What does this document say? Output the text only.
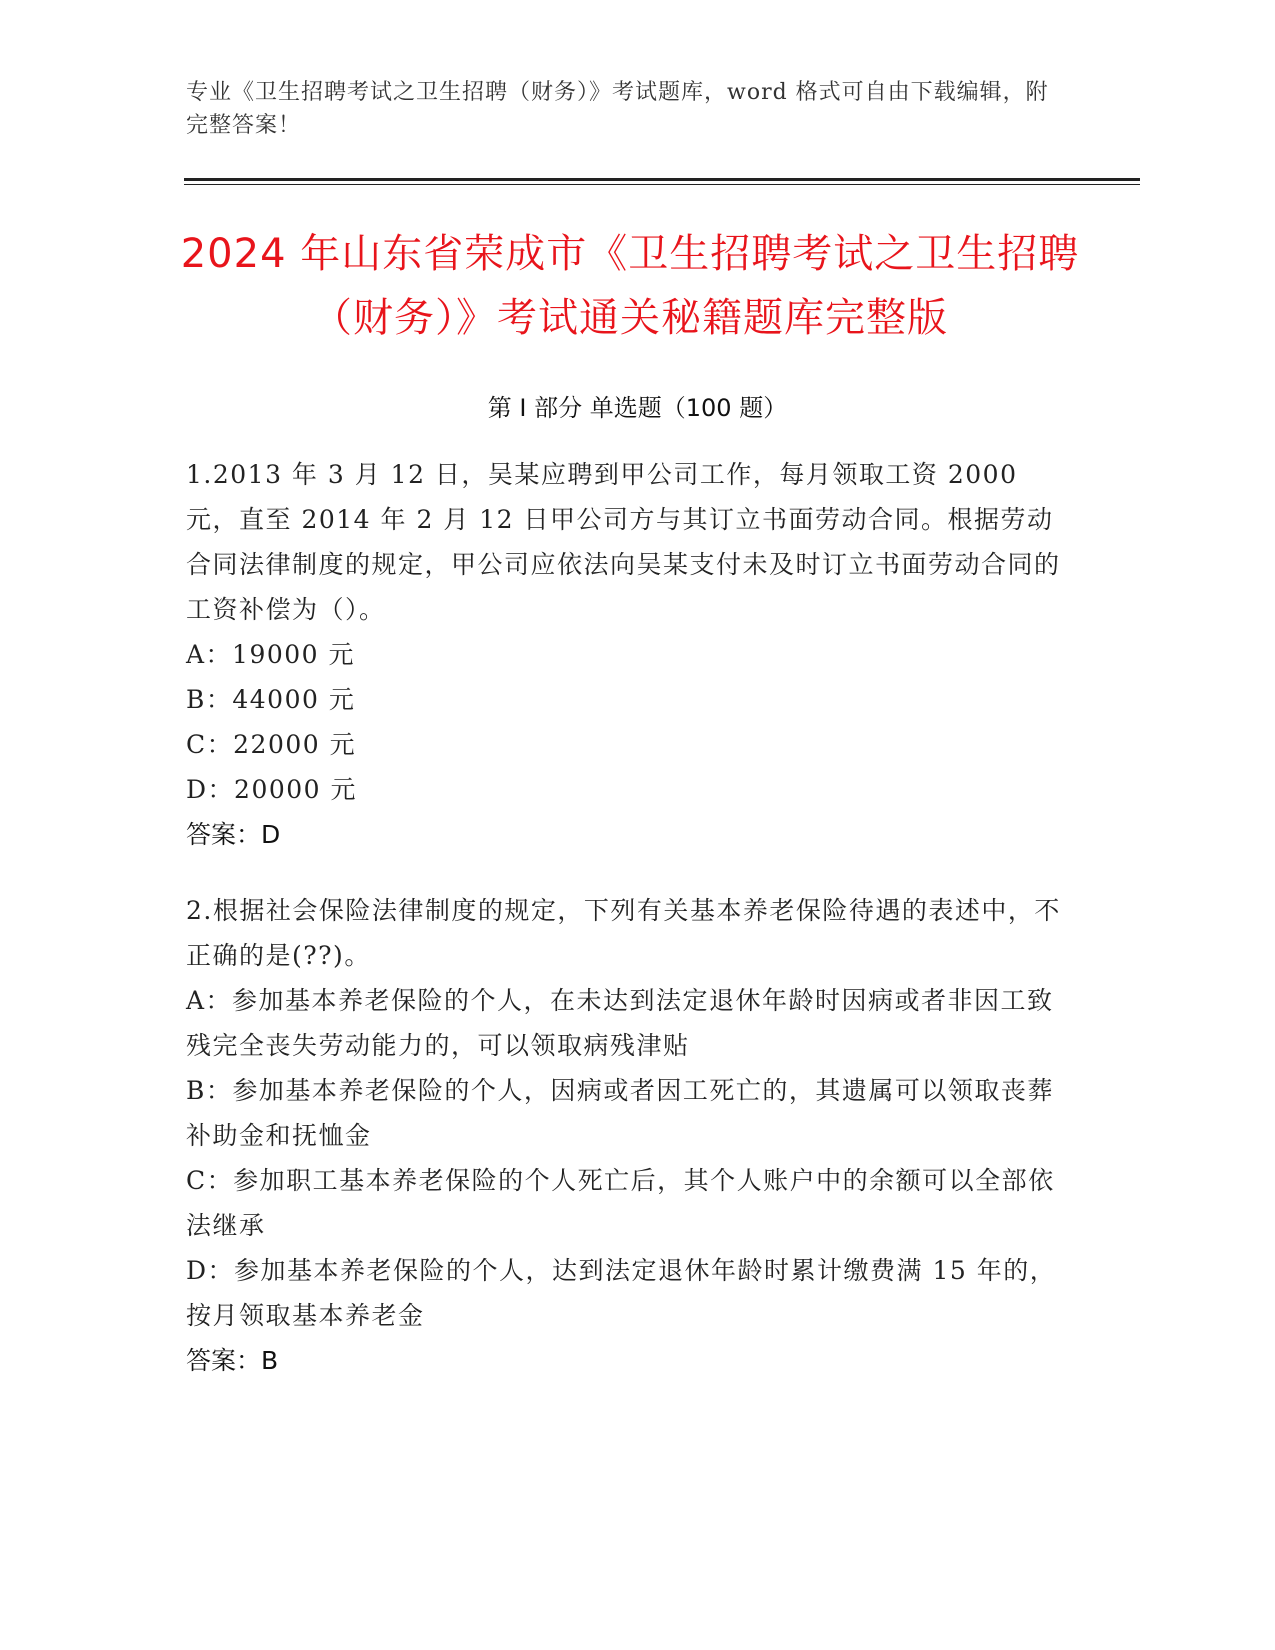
专业《卫生招聘考试之卫生招聘（财务）》考试题库，word 格式可自由下载编辑，附完整答案！
2024 年山东省荣成市《卫生招聘考试之卫生招聘（财务）》考试通关秘籍题库完整版
第 I 部分 单选题（100 题）

1.2013 年 3 月 12 日，吴某应聘到甲公司工作，每月领取工资 2000 元，直至 2014 年 2 月 12 日甲公司方与其订立书面劳动合同。根据劳动合同法律制度的规定，甲公司应依法向吴某支付未及时订立书面劳动合同的工资补偿为（）。

A：19000 元

B：44000 元

C：22000 元

D：20000 元

答案：D

2.根据社会保险法律制度的规定，下列有关基本养老保险待遇的表述中，不正确的是(??)。

A：参加基本养老保险的个人，在未达到法定退休年龄时因病或者非因工致残完全丧失劳动能力的，可以领取病残津贴

B：参加基本养老保险的个人，因病或者因工死亡的，其遗属可以领取丧葬补助金和抚恤金

C：参加职工基本养老保险的个人死亡后，其个人账户中的余额可以全部依法继承

D：参加基本养老保险的个人，达到法定退休年龄时累计缴费满 15 年的，按月领取基本养老金

答案：B
